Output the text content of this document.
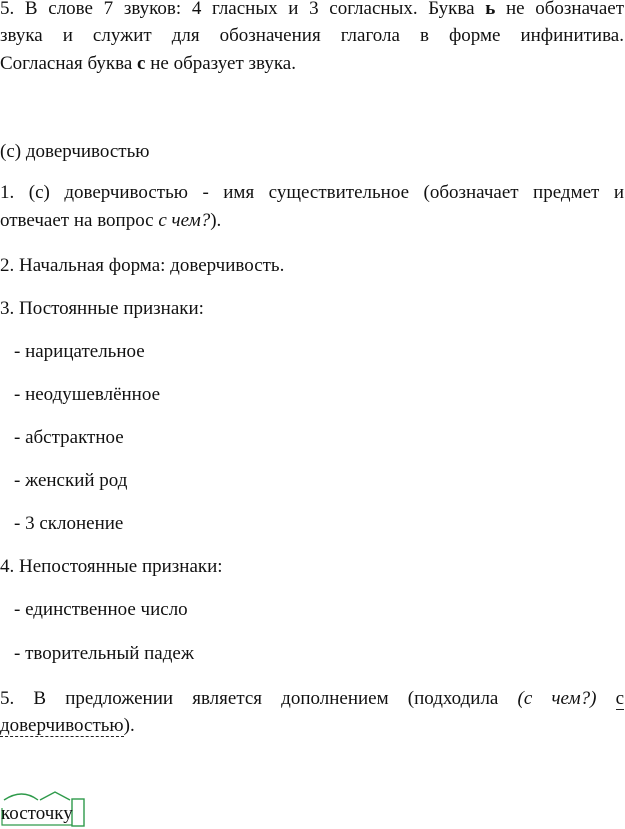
5. В слове 7 звуков: 4 гласных и 3 согласных. Буква ь не обозначает
звука и служит для обозначения глагола в форме инфинитива.
Согласная буква с не образует звука.
(с) доверчивостью
1. (с) доверчивостью - имя существительное (обозначает предмет и
отвечает на вопрос с чем?).
2. Начальная форма: доверчивость.
3. Постоянные признаки:
- нарицательное
- неодушевлённое
- абстрактное
- женский род
- 3 склонение
4. Непостоянные признаки:
- единственное число
- творительный падеж
5. В предложении является дополнением (подходила (с чем?) с
доверчивостью).
косточку
